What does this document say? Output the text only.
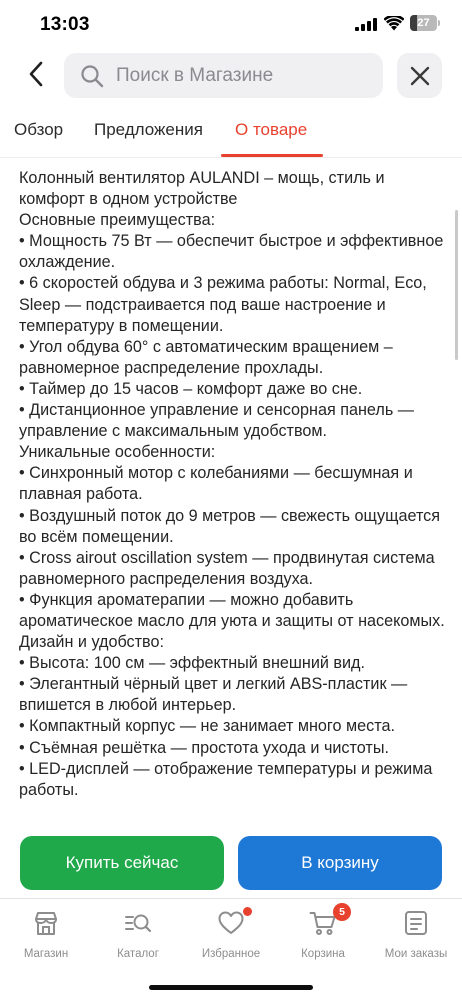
13:03	27
Поиск в Магазине
Обзор Предложения О товаре

Колонный вентилятор AULANDI – мощь, стиль и комфорт в одном устройстве

Основные преимущества:

• Мощность 75 Вт — обеспечит быстрое и эффективное охлаждение.

• 6 скоростей обдува и 3 режима работы: Normal, Eco, Sleep — подстраивается под ваше настроение и температуру в помещении.

• Угол обдува 60° с автоматическим вращением – равномерное распределение прохлады.

• Таймер до 15 часов – комфорт даже во сне.

• Дистанционное управление и сенсорная панель — управление с максимальным удобством.

Уникальные особенности:

• Синхронный мотор с колебаниями — бесшумная и плавная работа.

• Воздушный поток до 9 метров — свежесть ощущается во всём помещении.

• Cross airout oscillation system — продвинутая система равномерного распределения воздуха.

• Функция ароматерапии — можно добавить ароматическое масло для уюта и защиты от насекомых.

Дизайн и удобство:

• Высота: 100 см — эффектный внешний вид.

• Элегантный чёрный цвет и легкий ABS-пластик — впишется в любой интерьер.

• Компактный корпус — не занимает много места.

• Съёмная решётка — простота ухода и чистоты.

• LED-дисплей — отображение температуры и режима работы.

Купить сейчас	В корзину
Магазин	Каталог	Избранное
5
Корзина	Мои заказы
